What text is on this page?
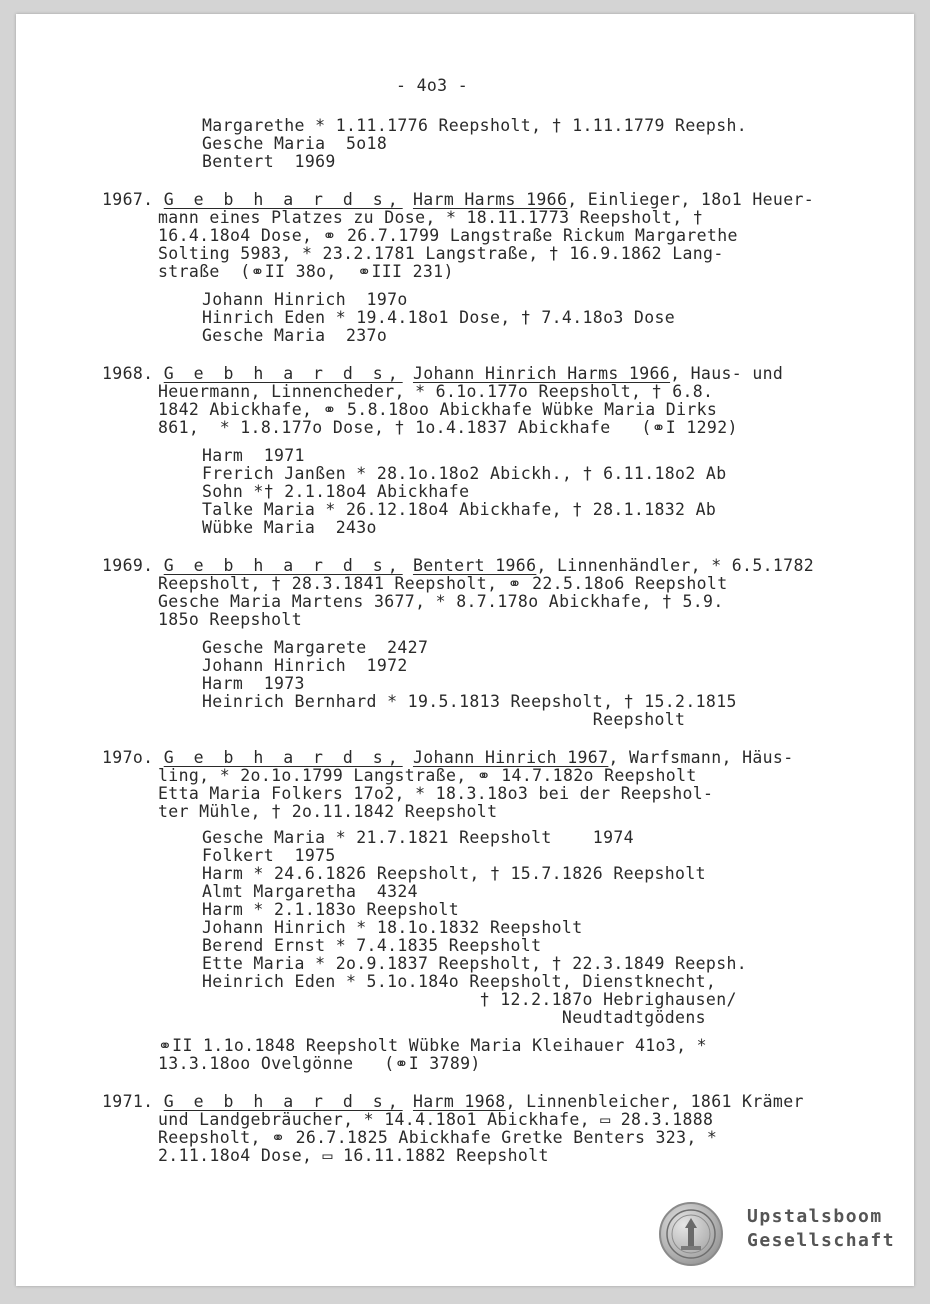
- 4o3 -
Margarethe * 1.11.1776 Reepsholt, † 1.11.1779 Reepsh.
Gesche Maria  5o18
Bentert  1969
1967. G e b h a r d s, Harm Harms 1966, Einlieger, 18o1 Heuer-
mann eines Platzes zu Dose, * 18.11.1773 Reepsholt, †
16.4.18o4 Dose, ⚭ 26.7.1799 Langstraße Rickum Margarethe
Solting 5983, * 23.2.1781 Langstraße, † 16.9.1862 Lang-
straße  (⚭II 38o,  ⚭III 231)
Johann Hinrich  197o
Hinrich Eden * 19.4.18o1 Dose, † 7.4.18o3 Dose
Gesche Maria  237o
1968. G e b h a r d s, Johann Hinrich Harms 1966, Haus- und
Heuermann, Linnencheder, * 6.1o.177o Reepsholt, † 6.8.
1842 Abickhafe, ⚭ 5.8.18oo Abickhafe Wübke Maria Dirks
861,  * 1.8.177o Dose, † 1o.4.1837 Abickhafe   (⚭I 1292)
Harm  1971
Frerich Janßen * 28.1o.18o2 Abickh., † 6.11.18o2 Ab
Sohn *† 2.1.18o4 Abickhafe
Talke Maria * 26.12.18o4 Abickhafe, † 28.1.1832 Ab
Wübke Maria  243o
1969. G e b h a r d s, Bentert 1966, Linnenhändler, * 6.5.1782
Reepsholt, † 28.3.1841 Reepsholt, ⚭ 22.5.18o6 Reepsholt
Gesche Maria Martens 3677, * 8.7.178o Abickhafe, † 5.9.
185o Reepsholt
Gesche Margarete  2427
Johann Hinrich  1972
Harm  1973
Heinrich Bernhard * 19.5.1813 Reepsholt, † 15.2.1815
Reepsholt
197o. G e b h a r d s, Johann Hinrich 1967, Warfsmann, Häus-
ling, * 2o.1o.1799 Langstraße, ⚭ 14.7.182o Reepsholt
Etta Maria Folkers 17o2, * 18.3.18o3 bei der Reepshol-
ter Mühle, † 2o.11.1842 Reepsholt
Gesche Maria * 21.7.1821 Reepsholt    1974
Folkert  1975
Harm * 24.6.1826 Reepsholt, † 15.7.1826 Reepsholt
Almt Margaretha  4324
Harm * 2.1.183o Reepsholt
Johann Hinrich * 18.1o.1832 Reepsholt
Berend Ernst * 7.4.1835 Reepsholt
Ette Maria * 2o.9.1837 Reepsholt, † 22.3.1849 Reepsh.
Heinrich Eden * 5.1o.184o Reepsholt, Dienstknecht,
† 12.2.187o Hebrighausen/
Neudtadtgödens
⚭II 1.1o.1848 Reepsholt Wübke Maria Kleihauer 41o3, *
13.3.18oo Ovelgönne   (⚭I 3789)
1971. G e b h a r d s, Harm 1968, Linnenbleicher, 1861 Krämer
und Landgebräucher, * 14.4.18o1 Abickhafe, ▭ 28.3.1888
Reepsholt, ⚭ 26.7.1825 Abickhafe Gretke Benters 323, *
2.11.18o4 Dose, ▭ 16.11.1882 Reepsholt
Upstalsboom
Gesellschaft
